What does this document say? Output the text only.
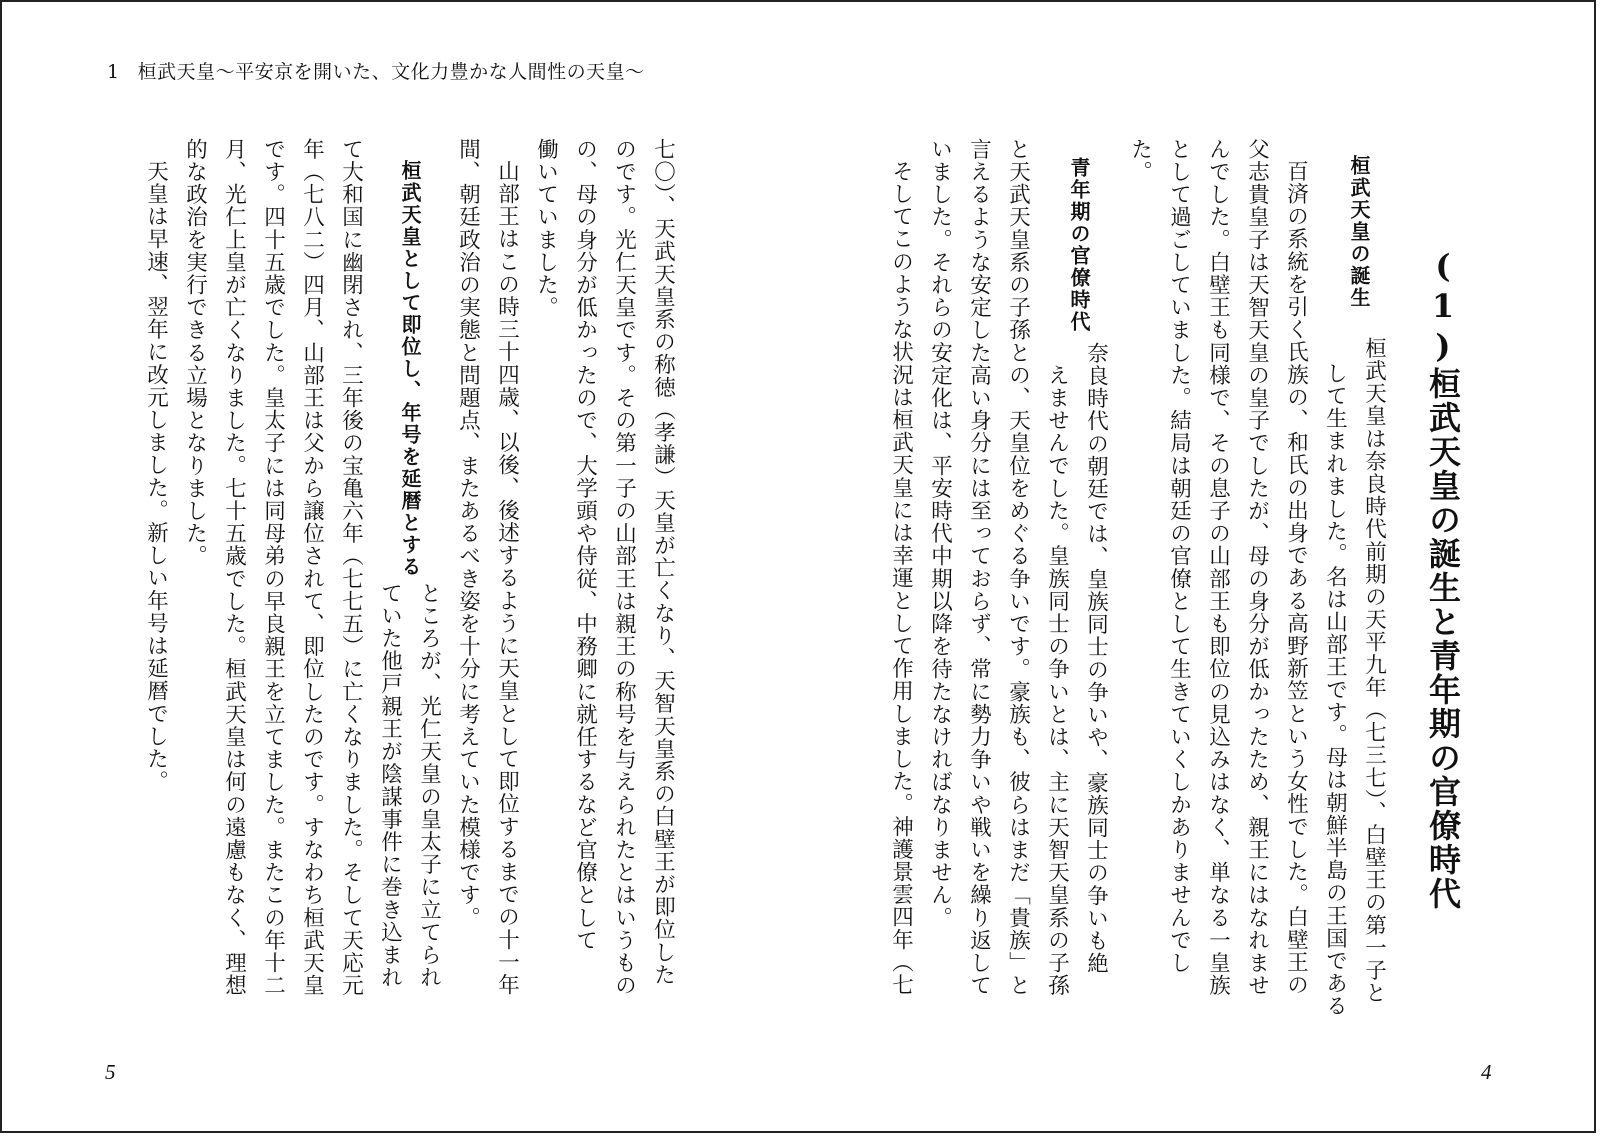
1 桓武天皇〜平安京を開いた、文化力豊かな人間性の天皇〜
(1)桓武天皇の誕生と青年期の官僚時代
桓武天皇の誕生
桓武天皇は奈良時代前期の天平九年（七三七）、白壁王の第一子と
して生まれました。名は山部王です。母は朝鮮半島の王国である
百済の系統を引く氏族の、和氏の出身である高野新笠という女性でした。白壁王の
父志貴皇子は天智天皇の皇子でしたが、母の身分が低かったため、親王にはなれませ
んでした。白壁王も同様で、その息子の山部王も即位の見込みはなく、単なる一皇族
として過ごしていました。結局は朝廷の官僚として生きていくしかありませんでし
た。
青年期の官僚時代
奈良時代の朝廷では、皇族同士の争いや、豪族同士の争いも絶
えませんでした。皇族同士の争いとは、主に天智天皇系の子孫
と天武天皇系の子孫との、天皇位をめぐる争いです。豪族も、彼らはまだ「貴族」と
言えるような安定した高い身分には至っておらず、常に勢力争いや戦いを繰り返して
いました。それらの安定化は、平安時代中期以降を待たなければなりません。
そしてこのような状況は桓武天皇には幸運として作用しました。神護景雲四年（七
七〇）、天武天皇系の称徳（孝謙）天皇が亡くなり、天智天皇系の白壁王が即位した
のです。光仁天皇です。その第一子の山部王は親王の称号を与えられたとはいうもの
の、母の身分が低かったので、大学頭や侍従、中務卿に就任するなど官僚として
働いていました。
山部王はこの時三十四歳、以後、後述するように天皇として即位するまでの十一年
間、朝廷政治の実態と問題点、またあるべき姿を十分に考えていた模様です。
桓武天皇として即位し、年号を延暦とする
ところが、光仁天皇の皇太子に立てられ
ていた他戸親王が陰謀事件に巻き込まれ
て大和国に幽閉され、三年後の宝亀六年（七七五）に亡くなりました。そして天応元
年（七八二）四月、山部王は父から譲位されて、即位したのです。すなわち桓武天皇
です。四十五歳でした。皇太子には同母弟の早良親王を立てました。またこの年十二
月、光仁上皇が亡くなりました。七十五歳でした。桓武天皇は何の遠慮もなく、理想
的な政治を実行できる立場となりました。
天皇は早速、翌年に改元しました。新しい年号は延暦でした。
5	4
